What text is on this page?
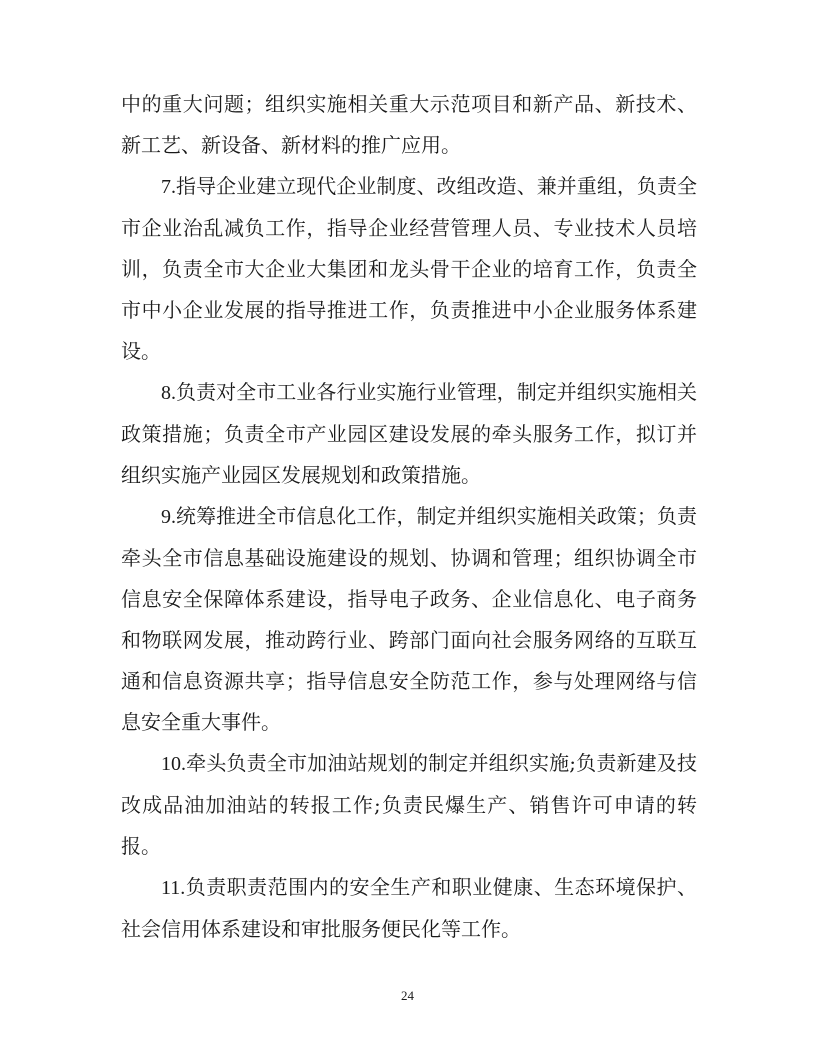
中的重大问题；组织实施相关重大示范项目和新产品、新技术、新工艺、新设备、新材料的推广应用。

7.指导企业建立现代企业制度、改组改造、兼并重组，负责全市企业治乱减负工作，指导企业经营管理人员、专业技术人员培训，负责全市大企业大集团和龙头骨干企业的培育工作，负责全市中小企业发展的指导推进工作，负责推进中小企业服务体系建设。

8.负责对全市工业各行业实施行业管理，制定并组织实施相关政策措施；负责全市产业园区建设发展的牵头服务工作，拟订并组织实施产业园区发展规划和政策措施。

9.统筹推进全市信息化工作，制定并组织实施相关政策；负责牵头全市信息基础设施建设的规划、协调和管理；组织协调全市信息安全保障体系建设，指导电子政务、企业信息化、电子商务和物联网发展，推动跨行业、跨部门面向社会服务网络的互联互通和信息资源共享；指导信息安全防范工作，参与处理网络与信息安全重大事件。

10.牵头负责全市加油站规划的制定并组织实施;负责新建及技改成品油加油站的转报工作;负责民爆生产、销售许可申请的转报。

11.负责职责范围内的安全生产和职业健康、生态环境保护、社会信用体系建设和审批服务便民化等工作。

24
